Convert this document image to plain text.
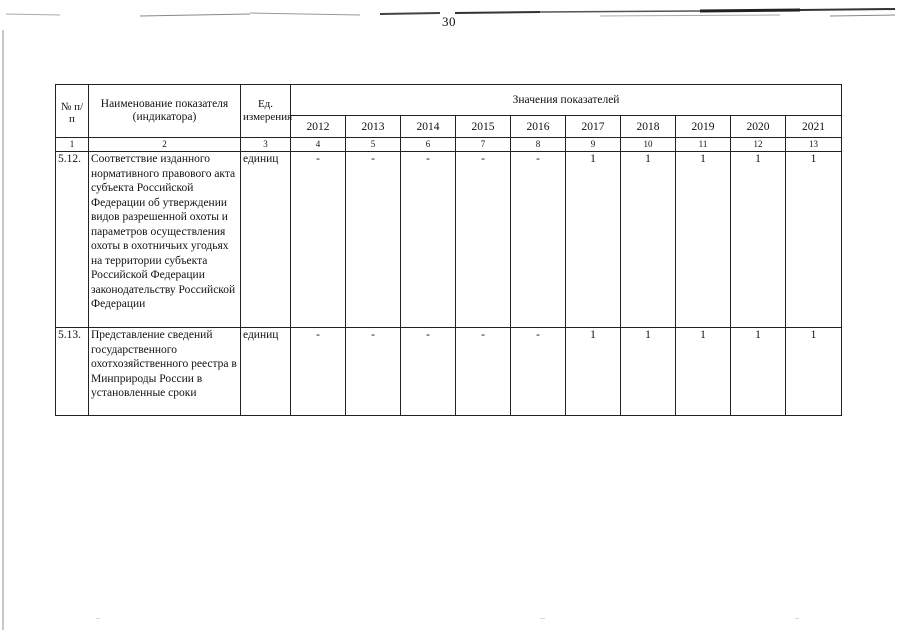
30
№ п/п	Наименование показателя (индикатора)	Ед. измерения	Значения показателей									
			2012	2013	2014	2015	2016	2017	2018	2019	2020	2021
1	2	3	4	5	6	7	8	9	10	11	12	13
5.12.	Соответствие изданного нормативного правового акта субъекта Российской Федерации об утверждении видов разрешенной охоты и параметров осуществления охоты в охотничьих угодьях на территории субъекта Российской Федерации законодательству Российской Федерации	единиц	-	-	-	-	-	1	1	1	1	1
5.13.	Представление сведений государственного охотхозяйственного реестра в Минприроды России в установленные сроки	единиц	-	-	-	-	-	1	1	1	1	1
